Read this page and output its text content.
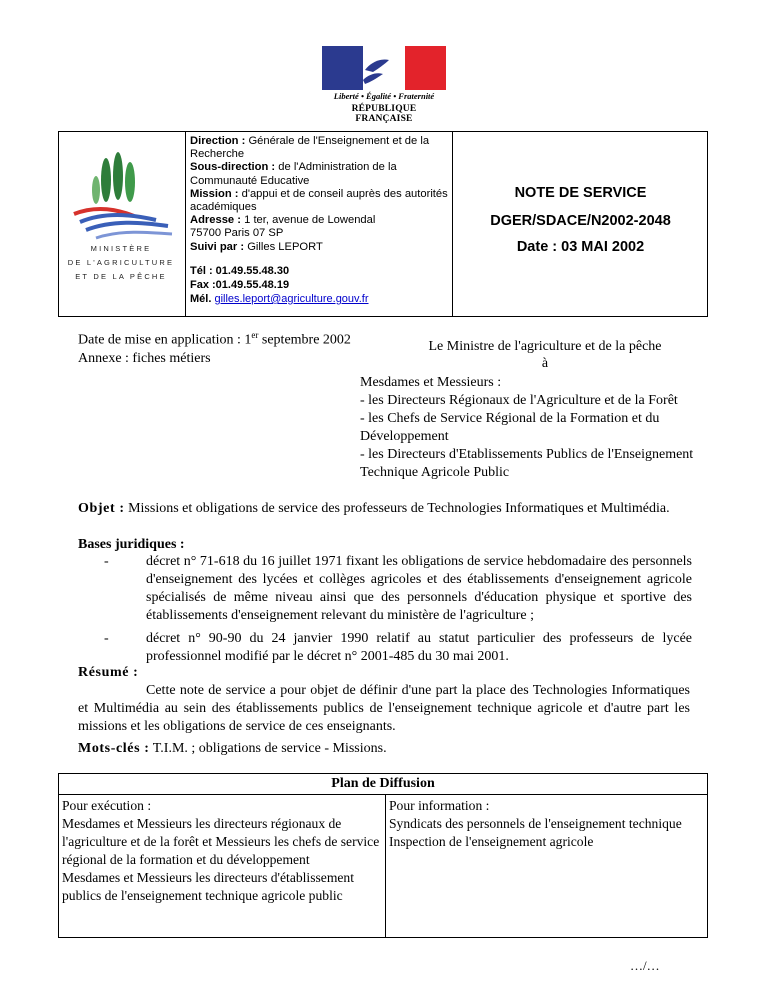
Liberté • Égalité • Fraternité
RÉPUBLIQUE FRANÇAISE
MINISTÈRE
DE L'AGRICULTURE
ET DE LA PÊCHE
Direction : Générale de l'Enseignement et de la Recherche
Sous-direction : de l'Administration de la Communauté Educative
Mission : d'appui et de conseil auprès des autorités académiques
Adresse : 1 ter, avenue de Lowendal
75700 Paris 07 SP
Suivi par : Gilles LEPORT
Tél : 01.49.55.48.30
Fax :01.49.55.48.19
Mél. gilles.leport@agriculture.gouv.fr
NOTE DE SERVICE
DGER/SDACE/N2002-2048
Date : 03 MAI 2002
Date de mise en application : 1er septembre 2002
Annexe : fiches métiers
Le Ministre de l'agriculture et de la pêche
à
Mesdames et Messieurs :
- les Directeurs Régionaux de l'Agriculture et de la Forêt
- les Chefs de Service Régional de la Formation et du Développement
- les Directeurs d'Etablissements Publics de l'Enseignement Technique Agricole Public
Objet : Missions et obligations de service des professeurs de Technologies Informatiques et Multimédia.
Bases juridiques :
-	décret n° 71-618 du 16 juillet 1971 fixant les obligations de service hebdomadaire des personnels d'enseignement des lycées et collèges agricoles et des établissements d'enseignement agricole spécialisés de même niveau ainsi que des personnels d'éducation physique et sportive des établissements d'enseignement relevant du ministère de l'agriculture ;
-	décret n° 90-90 du 24 janvier 1990 relatif au statut particulier des professeurs de lycée professionnel modifié par le décret n° 2001-485 du 30 mai 2001.
Résumé :
Cette note de service a pour objet de définir d'une part la place des Technologies Informatiques et Multimédia au sein des établissements publics de l'enseignement technique agricole et d'autre part les missions et les obligations de service de ces enseignants.
Mots-clés : T.I.M. ; obligations de service - Missions.
Plan de Diffusion
Pour exécution :
Mesdames et Messieurs les directeurs régionaux de l'agriculture et de la forêt et Messieurs les chefs de service régional de la formation et du développement
Mesdames et Messieurs les directeurs d'établissement publics de l'enseignement technique agricole public
Pour information :
Syndicats des personnels de l'enseignement technique
Inspection de l'enseignement agricole
…/…
